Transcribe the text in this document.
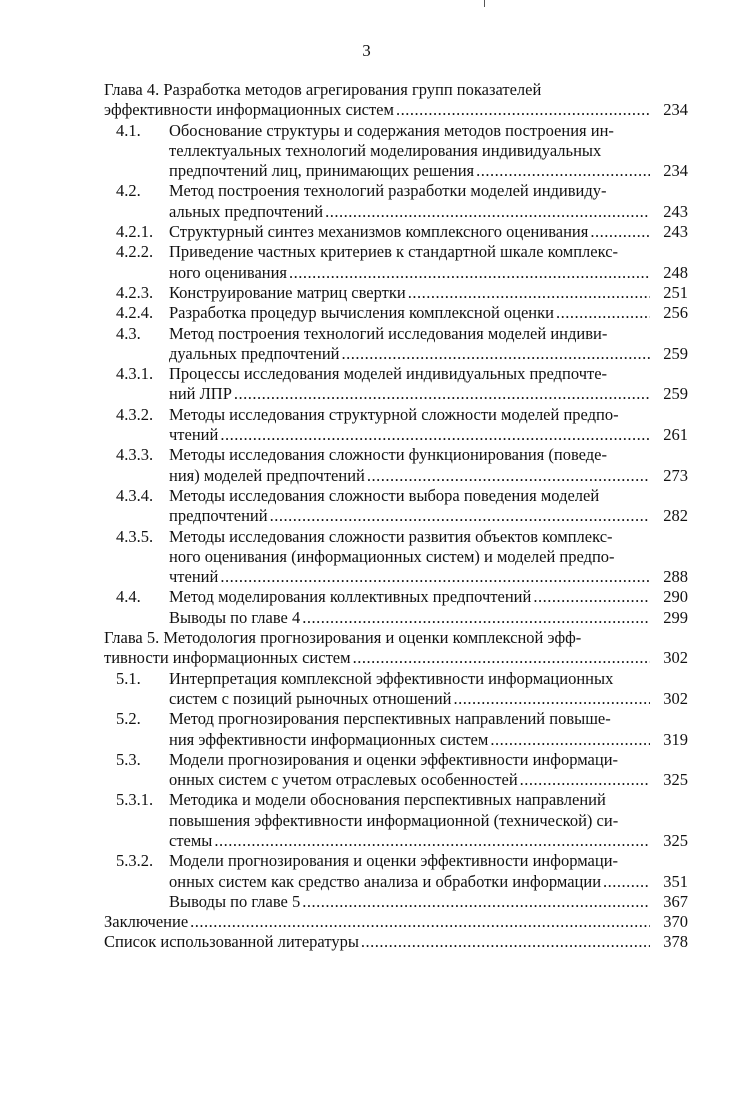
3
Глава 4. Разработка методов агрегирования групп показателей
эффективности информационных систем .....	234
4.1.	Обоснование структуры и содержания методов построения ин-
теллектуальных технологий моделирования индивидуальных
предпочтений лиц, принимающих решения .....	234
4.2.	Метод построения технологий разработки моделей индивиду-
альных предпочтений .....	243
4.2.1. Структурный синтез механизмов комплексного оценивания .....	243
4.2.2. Приведение частных критериев к стандартной шкале комплекс-
ного оценивания .....	248
4.2.3. Конструирование матриц свертки .....	251
4.2.4. Разработка процедур вычисления комплексной оценки .....	256
4.3.	Метод построения технологий исследования моделей индиви-
дуальных предпочтений .....	259
4.3.1. Процессы исследования моделей индивидуальных предпочте-
ний ЛПР .....	259
4.3.2. Методы исследования структурной сложности моделей предпо-
чтений .....	261
4.3.3. Методы исследования сложности функционирования (поведе-
ния) моделей предпочтений .....	273
4.3.4. Методы исследования сложности выбора поведения моделей
предпочтений .....	282
4.3.5. Методы исследования сложности развития объектов комплекс-
ного оценивания (информационных систем) и моделей предпо-
чтений .....	288
4.4. Метод моделирования коллективных предпочтений .....	290
Выводы по главе 4 .....	299
Глава 5. Методология прогнозирования и оценки комплексной эфф-
тивности информационных систем .....	302
5.1.	Интерпретация комплексной эффективности информационных
систем с позиций рыночных отношений .....	302
5.2.	Метод прогнозирования перспективных направлений повыше-
ния эффективности информационных систем .....	319
5.3.	Модели прогнозирования и оценки эффективности информаци-
онных систем с учетом отраслевых особенностей .....	325
5.3.1. Методика и модели обоснования перспективных направлений
повышения эффективности информационной (технической) си-
стемы .....	325
5.3.2. Модели прогнозирования и оценки эффективности информаци-
онных систем как средство анализа и обработки информации .....	351
Выводы по главе 5 .....	367
Заключение .....	370
Список использованной литературы .....	378
